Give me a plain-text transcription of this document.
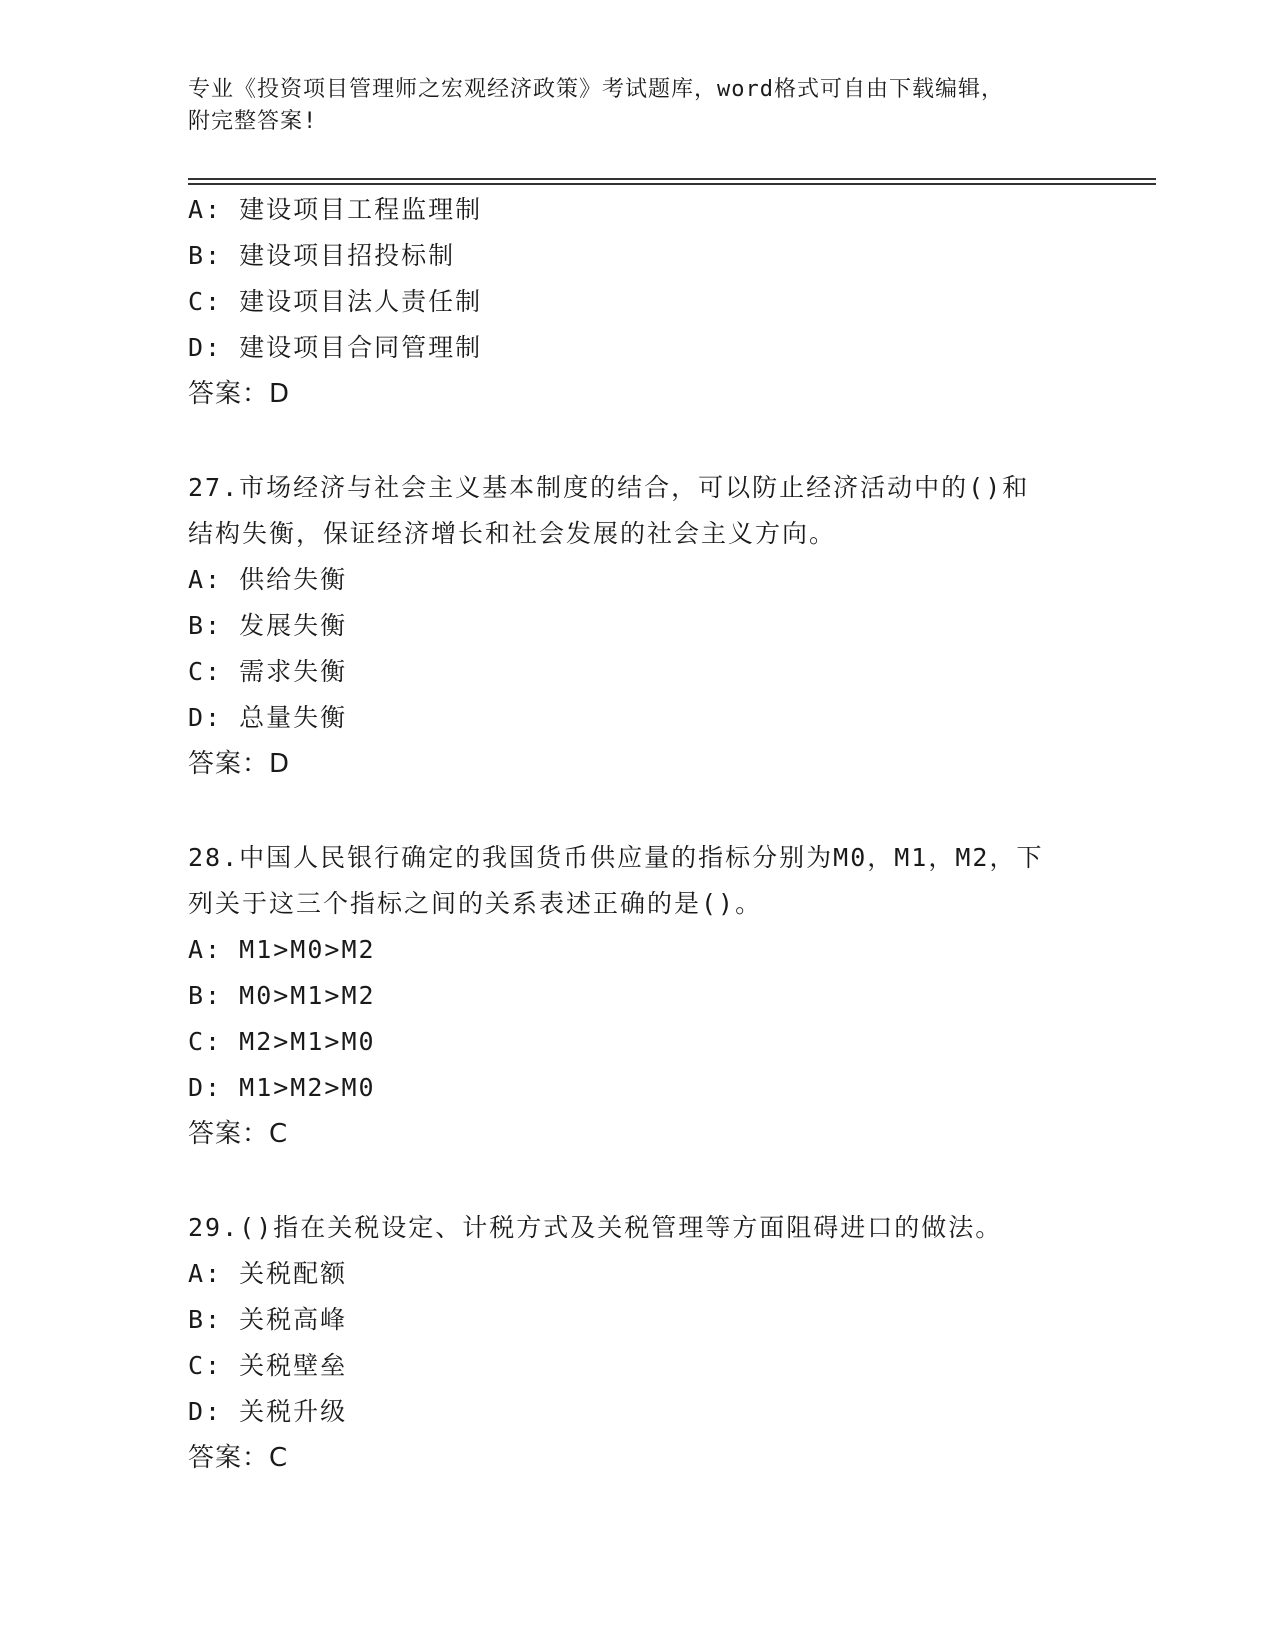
专业《投资项目管理师之宏观经济政策》考试题库，word格式可自由下载编辑，
附完整答案!
A: 建设项目工程监理制
B: 建设项目招投标制
C: 建设项目法人责任制
D: 建设项目合同管理制
答案：D

27.市场经济与社会主义基本制度的结合，可以防止经济活动中的()和
结构失衡，保证经济增长和社会发展的社会主义方向。

A: 供给失衡
B: 发展失衡
C: 需求失衡
D: 总量失衡
答案：D

28.中国人民银行确定的我国货币供应量的指标分别为M0，M1，M2，下
列关于这三个指标之间的关系表述正确的是()。

A: M1>M0>M2
B: M0>M1>M2
C: M2>M1>M0
D: M1>M2>M0
答案：C

29.()指在关税设定、计税方式及关税管理等方面阻碍进口的做法。

A: 关税配额
B: 关税高峰
C: 关税壁垒
D: 关税升级
答案：C
